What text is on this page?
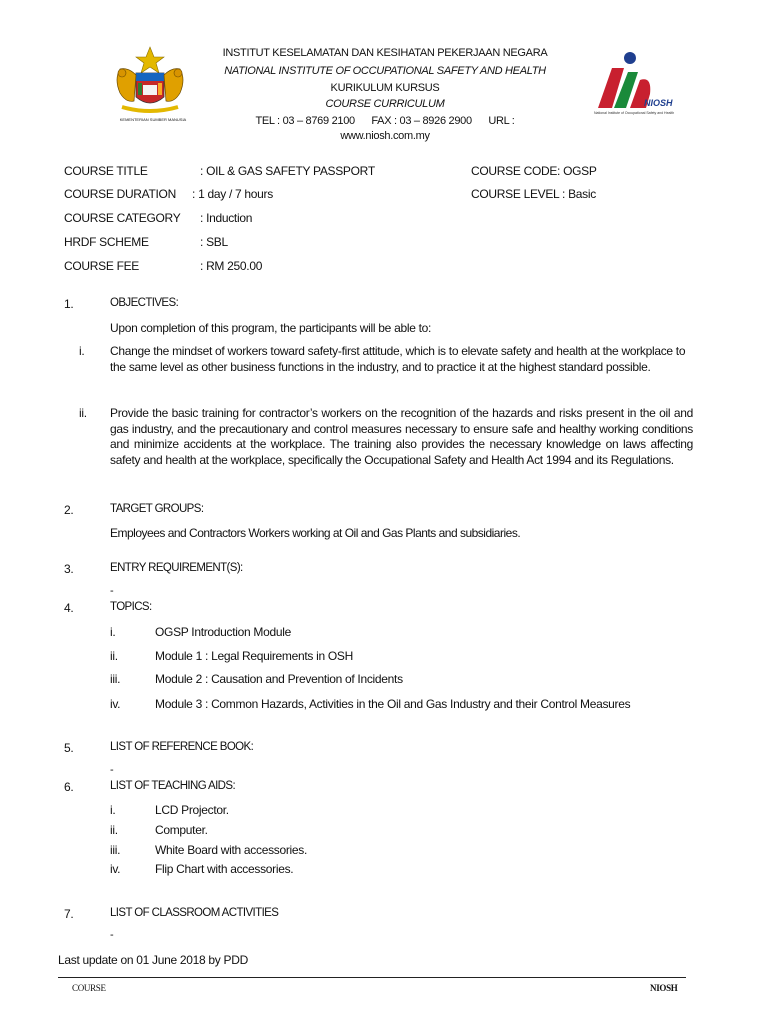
KEMENTERIAN SUMBER MANUSIA
INSTITUT KESELAMATAN DAN KESIHATAN PEKERJAAN NEGARA
NATIONAL INSTITUTE OF OCCUPATIONAL SAFETY AND HEALTH
KURIKULUM KURSUS
COURSE CURRICULUM
TEL : 03 – 8769 2100      FAX : 03 – 8926 2900      URL :
www.niosh.com.my
NIOSH
National Institute of Occupational Safety and Health
COURSE TITLE	: OIL & GAS SAFETY PASSPORT	COURSE CODE: OGSP
COURSE DURATION : 1 day / 7 hours	COURSE LEVEL : Basic
COURSE CATEGORY : Induction
HRDF SCHEME	: SBL
COURSE FEE	: RM 250.00
1.	OBJECTIVES:
Upon completion of this program, the participants will be able to:
i. Change the mindset of workers toward safety-first attitude, which is to elevate safety and health at the workplace to the same level as other business functions in the industry, and to practice it at the highest standard possible.
ii. Provide the basic training for contractor’s workers on the recognition of the hazards and risks present in the oil and gas industry, and the precautionary and control measures necessary to ensure safe and healthy working conditions and minimize accidents at the workplace. The training also provides the necessary knowledge on laws affecting safety and health at the workplace, specifically the Occupational Safety and Health Act 1994 and its Regulations.
2.	TARGET GROUPS:
Employees and Contractors Workers working at Oil and Gas Plants and subsidiaries.
3.	ENTRY REQUIREMENT(S):
-
4.	TOPICS:
i.	OGSP Introduction Module
ii.	Module 1 : Legal Requirements in OSH
iii.	Module 2 : Causation and Prevention of Incidents
iv.	Module 3 : Common Hazards, Activities in the Oil and Gas Industry and their Control Measures
5.	LIST OF REFERENCE BOOK:
-
6.	LIST OF TEACHING AIDS:
i.	LCD Projector.
ii.	Computer.
iii.	White Board with accessories.
iv.	Flip Chart with accessories.
7.	LIST OF CLASSROOM ACTIVITIES
-
Last update on 01 June 2018 by PDD
COURSE	NIOSH
